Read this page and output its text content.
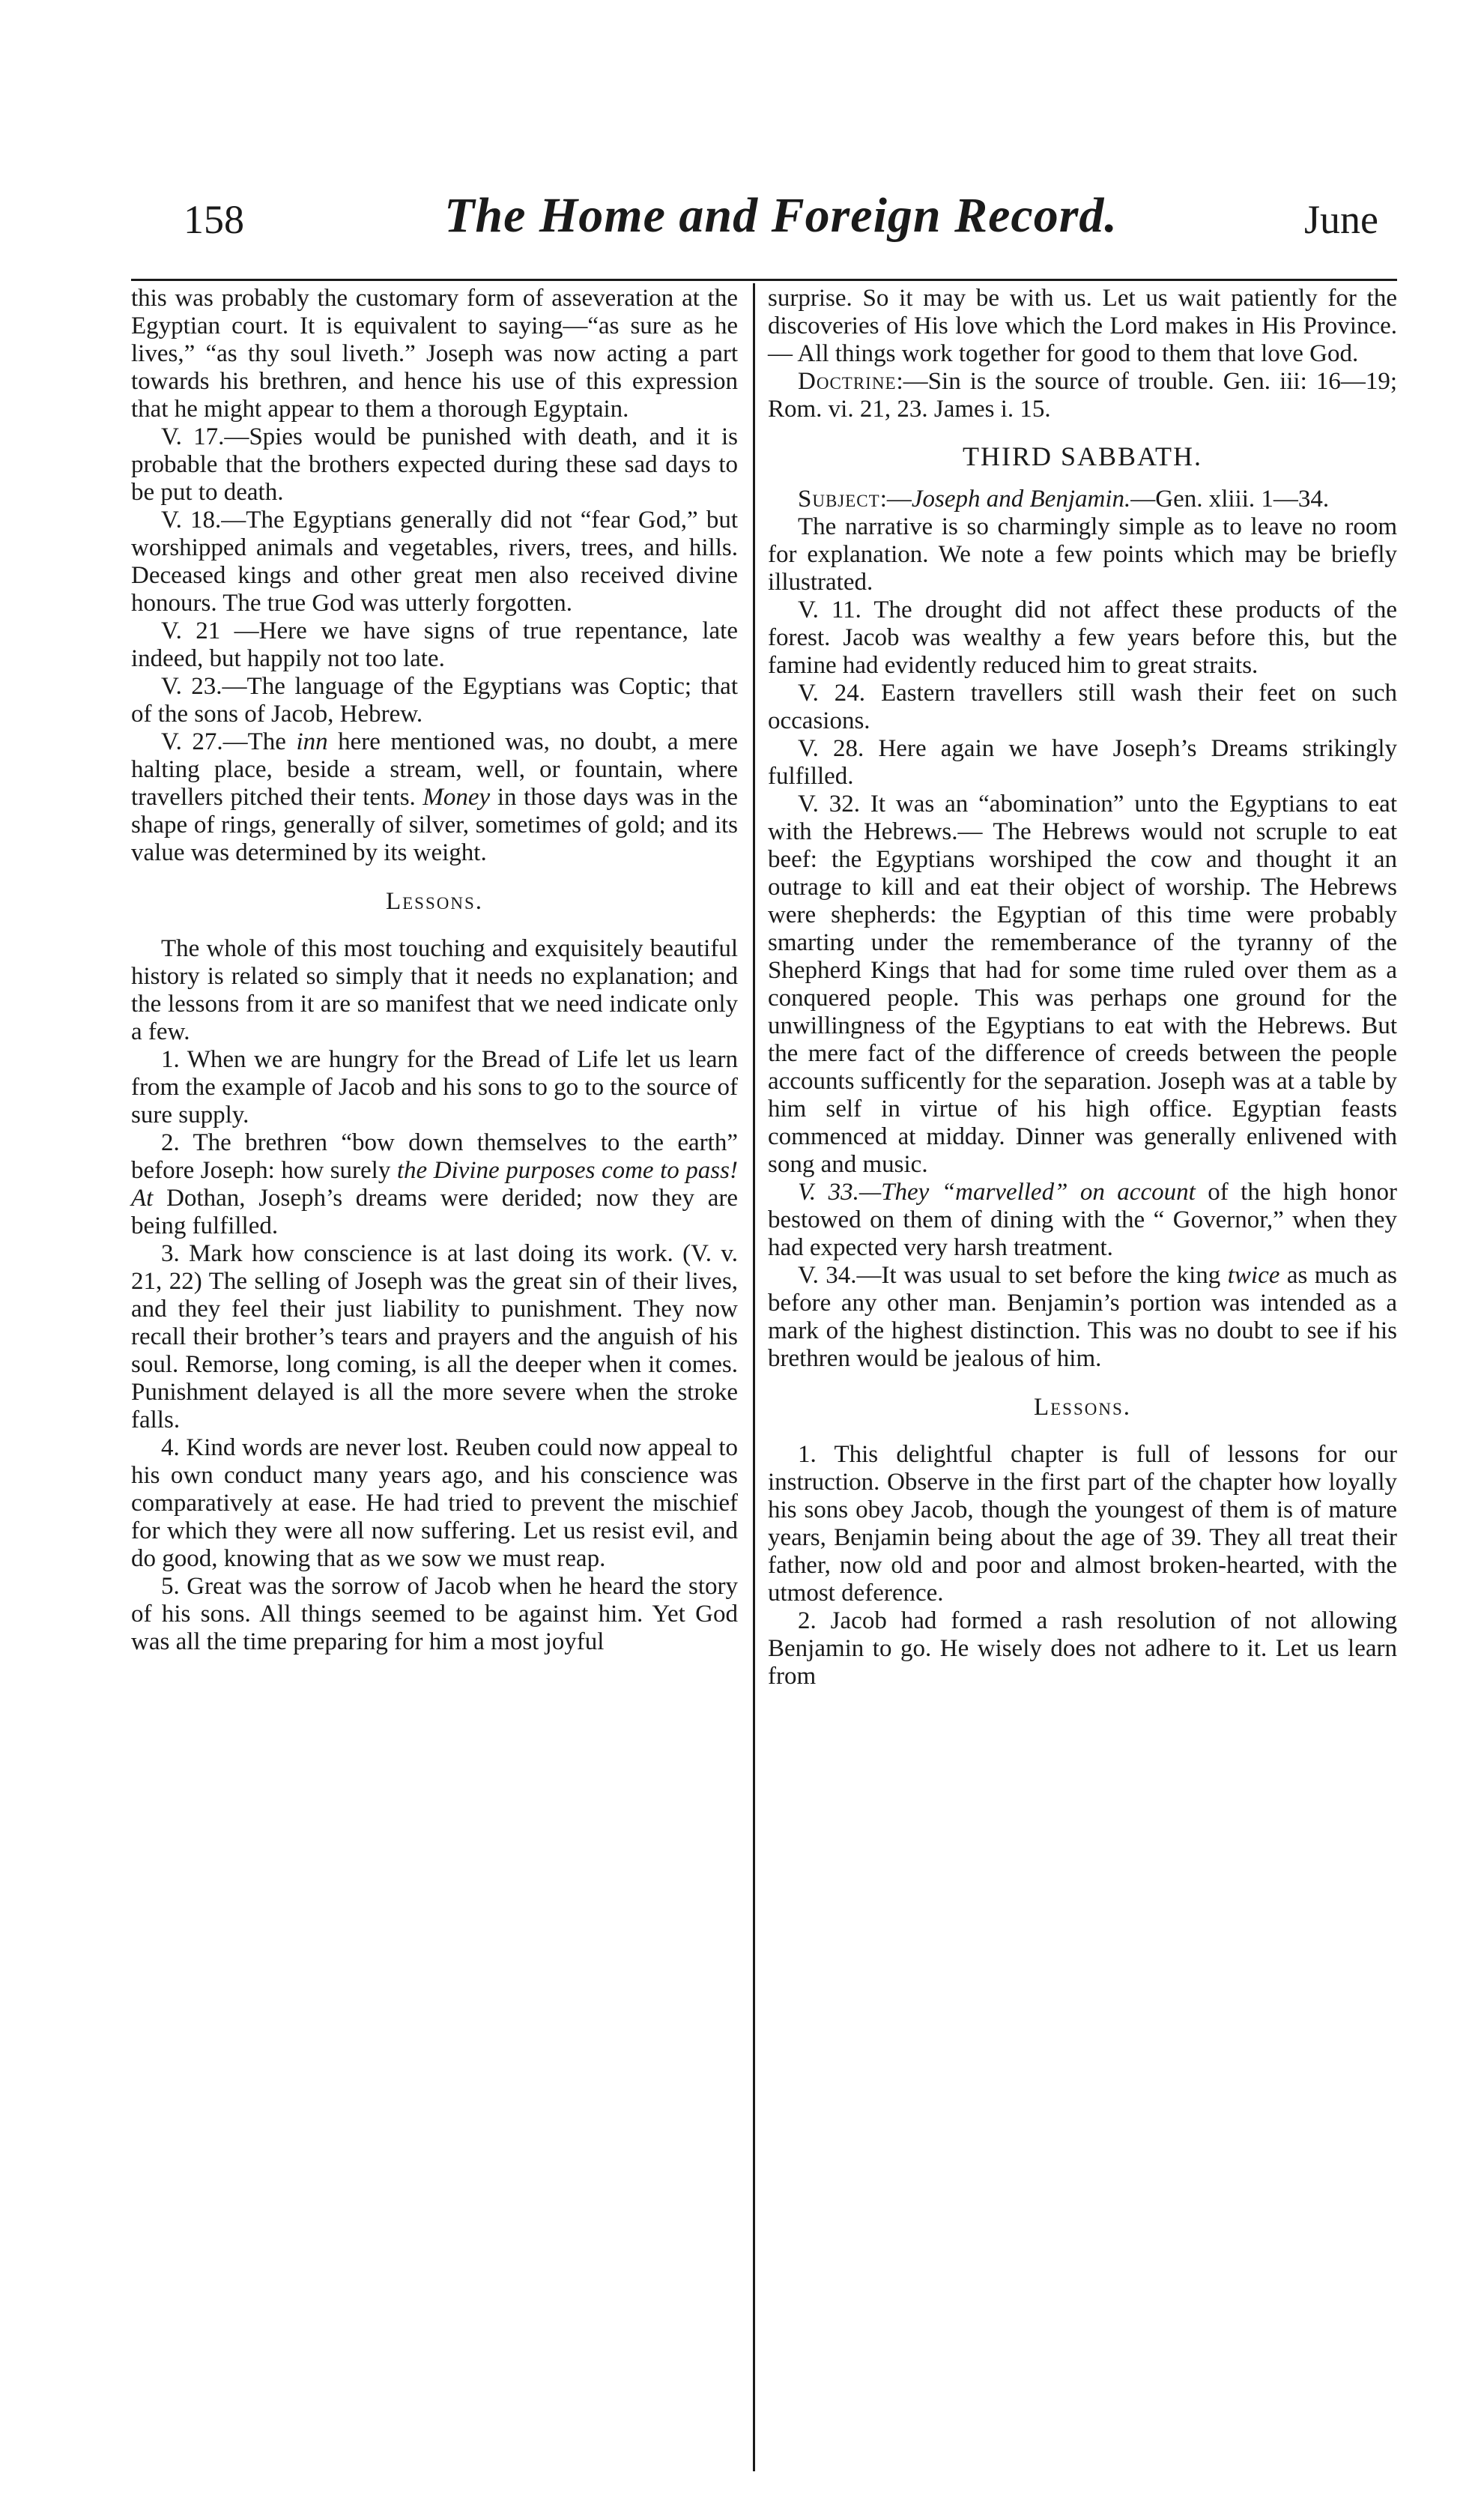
158	The Home and Foreign Record.	June

this was probably the customary form of asseveration at the Egyptian court. It is equivalent to saying—“as sure as he lives,” “as thy soul liveth.” Joseph was now acting a part towards his brethren, and hence his use of this expression that he might appear to them a thorough Egyptain.

V. 17.—Spies would be punished with death, and it is probable that the brothers expected during these sad days to be put to death.

V. 18.—The Egyptians generally did not “fear God,” but worshipped animals and vegetables, rivers, trees, and hills. Deceased kings and other great men also received divine honours. The true God was utterly forgotten.

V. 21 —Here we have signs of true repentance, late indeed, but happily not too late.

V. 23.—The language of the Egyptians was Coptic; that of the sons of Jacob, Hebrew.

V. 27.—The inn here mentioned was, no doubt, a mere halting place, beside a stream, well, or fountain, where travellers pitched their tents. Money in those days was in the shape of rings, generally of silver, sometimes of gold; and its value was determined by its weight.

Lessons.

The whole of this most touching and exquisitely beautiful history is related so simply that it needs no explanation; and the lessons from it are so manifest that we need indicate only a few.

1. When we are hungry for the Bread of Life let us learn from the example of Jacob and his sons to go to the source of sure supply.

2. The brethren “bow down themselves to the earth” before Joseph: how surely the Divine purposes come to pass! At Dothan, Joseph’s dreams were derided; now they are being fulfilled.

3. Mark how conscience is at last doing its work. (V. v. 21, 22) The selling of Joseph was the great sin of their lives, and they feel their just liability to punishment. They now recall their brother’s tears and prayers and the anguish of his soul. Remorse, long coming, is all the deeper when it comes. Punishment delayed is all the more severe when the stroke falls.

4. Kind words are never lost. Reuben could now appeal to his own conduct many years ago, and his conscience was comparatively at ease. He had tried to prevent the mischief for which they were all now suffering. Let us resist evil, and do good, knowing that as we sow we must reap.

5. Great was the sorrow of Jacob when he heard the story of his sons. All things seemed to be against him. Yet God was all the time preparing for him a most joyful

surprise. So it may be with us. Let us wait patiently for the discoveries of His love which the Lord makes in His Province.— All things work together for good to them that love God.

Doctrine:—Sin is the source of trouble. Gen. iii: 16—19; Rom. vi. 21, 23. James i. 15.

THIRD SABBATH.

Subject:—Joseph and Benjamin.—Gen. xliii. 1—34.

The narrative is so charmingly simple as to leave no room for explanation. We note a few points which may be briefly illustrated.

V. 11. The drought did not affect these products of the forest. Jacob was wealthy a few years before this, but the famine had evidently reduced him to great straits.

V. 24. Eastern travellers still wash their feet on such occasions.

V. 28. Here again we have Joseph’s Dreams strikingly fulfilled.

V. 32. It was an “abomination” unto the Egyptians to eat with the Hebrews.— The Hebrews would not scruple to eat beef: the Egyptians worshiped the cow and thought it an outrage to kill and eat their object of worship. The Hebrews were shepherds: the Egyptian of this time were probably smarting under the rememberance of the tyranny of the Shepherd Kings that had for some time ruled over them as a conquered people. This was perhaps one ground for the unwillingness of the Egyptians to eat with the Hebrews. But the mere fact of the difference of creeds between the people accounts sufficently for the separation. Joseph was at a table by him self in virtue of his high office. Egyptian feasts commenced at midday. Dinner was generally enlivened with song and music.

V. 33.—They “marvelled” on account of the high honor bestowed on them of dining with the “ Governor,” when they had expected very harsh treatment.

V. 34.—It was usual to set before the king twice as much as before any other man. Benjamin’s portion was intended as a mark of the highest distinction. This was no doubt to see if his brethren would be jealous of him.

Lessons.

1. This delightful chapter is full of lessons for our instruction. Observe in the first part of the chapter how loyally his sons obey Jacob, though the youngest of them is of mature years, Benjamin being about the age of 39. They all treat their father, now old and poor and almost broken-hearted, with the utmost deference.

2. Jacob had formed a rash resolution of not allowing Benjamin to go. He wisely does not adhere to it. Let us learn from
